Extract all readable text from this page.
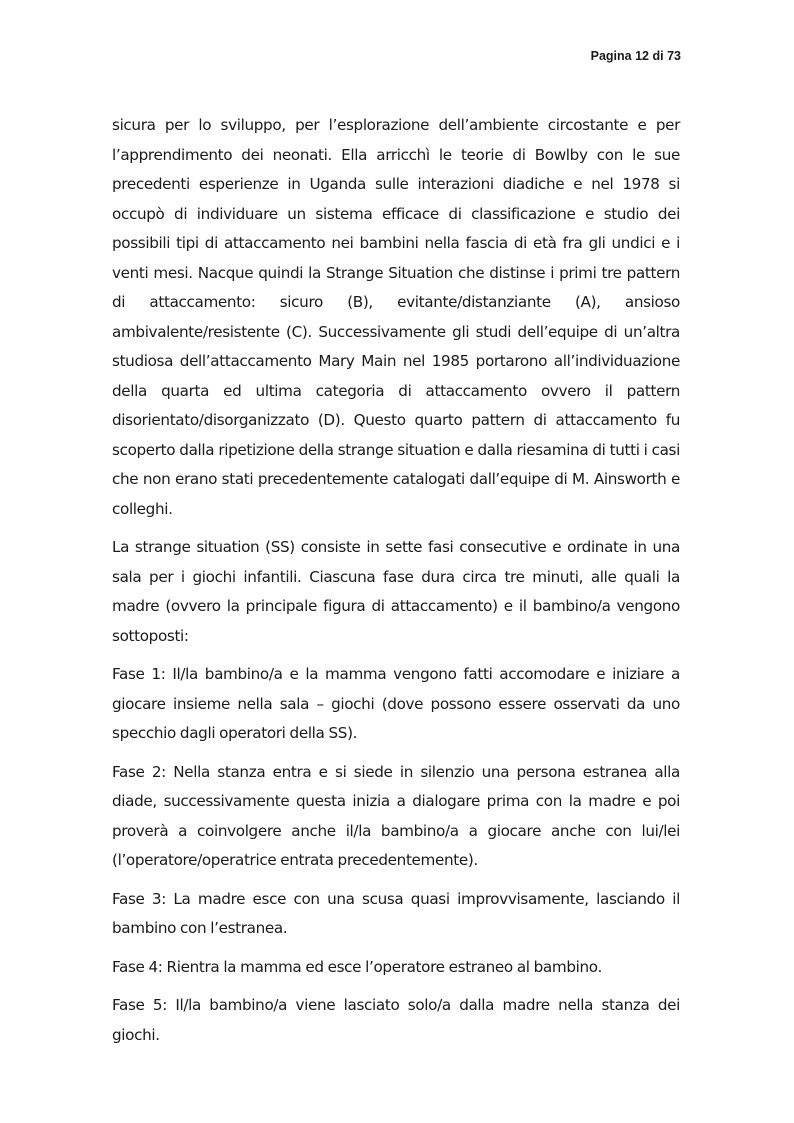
Pagina 12 di 73

sicura per lo sviluppo, per l’esplorazione dell’ambiente circostante e per l’apprendimento dei neonati. Ella arricchì le teorie di Bowlby con le sue precedenti esperienze in Uganda sulle interazioni diadiche e nel 1978 si occupò di individuare un sistema efficace di classificazione e studio dei possibili tipi di attaccamento nei bambini nella fascia di età fra gli undici e i venti mesi. Nacque quindi la Strange Situation che distinse i primi tre pattern di attaccamento: sicuro (B), evitante/distanziante (A), ansioso ambivalente/resistente (C). Successivamente gli studi dell’equipe di un’altra studiosa dell’attaccamento Mary Main nel 1985 portarono all’individuazione della quarta ed ultima categoria di attaccamento ovvero il pattern disorientato/disorganizzato (D). Questo quarto pattern di attaccamento fu scoperto dalla ripetizione della strange situation e dalla riesamina di tutti i casi che non erano stati precedentemente catalogati dall’equipe di M. Ainsworth e colleghi.

La strange situation (SS) consiste in sette fasi consecutive e ordinate in una sala per i giochi infantili. Ciascuna fase dura circa tre minuti, alle quali la madre (ovvero la principale figura di attaccamento) e il bambino/a vengono sottoposti:

Fase 1: Il/la bambino/a e la mamma vengono fatti accomodare e iniziare a giocare insieme nella sala – giochi (dove possono essere osservati da uno specchio dagli operatori della SS).

Fase 2: Nella stanza entra e si siede in silenzio una persona estranea alla diade, successivamente questa inizia a dialogare prima con la madre e poi proverà a coinvolgere anche il/la bambino/a a giocare anche con lui/lei (l’operatore/operatrice entrata precedentemente).

Fase 3: La madre esce con una scusa quasi improvvisamente, lasciando il bambino con l’estranea.

Fase 4: Rientra la mamma ed esce l’operatore estraneo al bambino.

Fase 5: Il/la bambino/a viene lasciato solo/a dalla madre nella stanza dei giochi.
